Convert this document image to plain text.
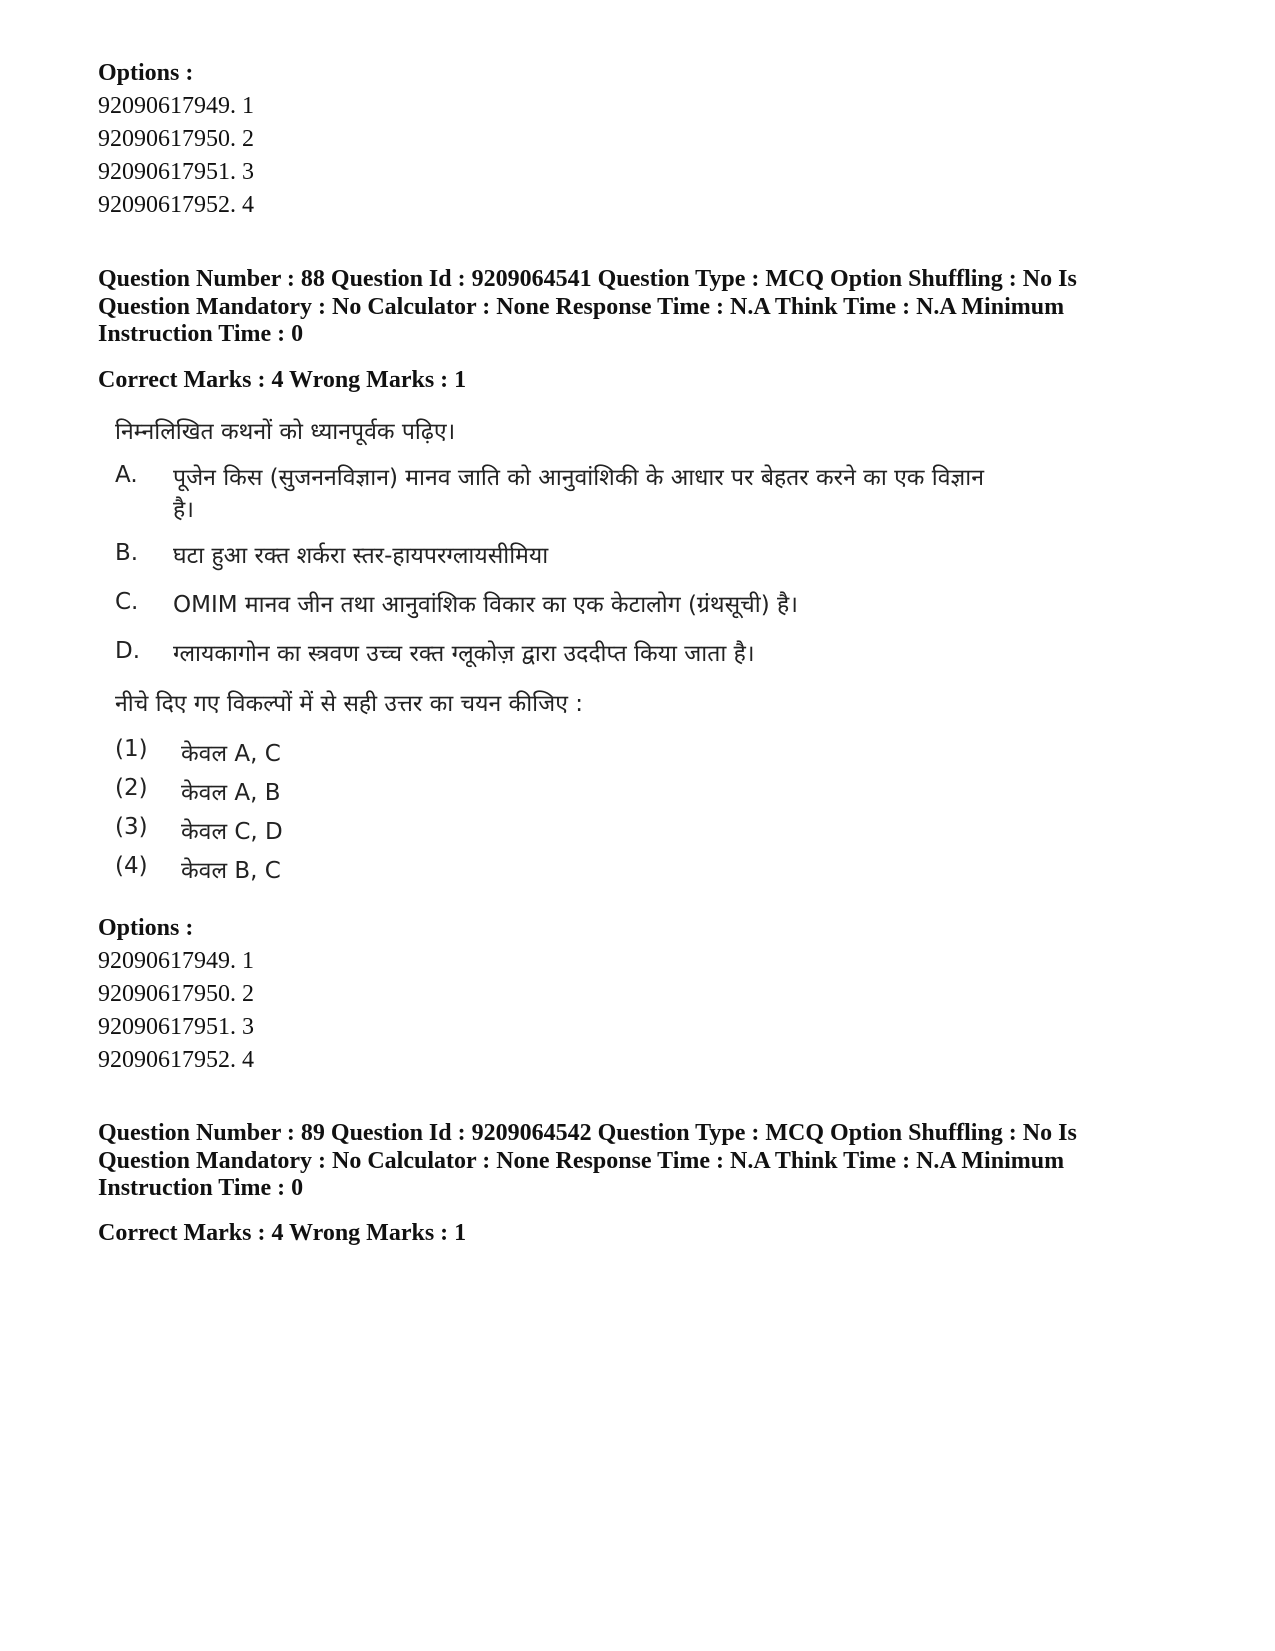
Options :
92090617949. 1
92090617950. 2
92090617951. 3
92090617952. 4
Question Number : 88 Question Id : 9209064541 Question Type : MCQ Option Shuffling : No Is
Question Mandatory : No Calculator : None Response Time : N.A Think Time : N.A Minimum
Instruction Time : 0
Correct Marks : 4 Wrong Marks : 1
निम्नलिखित कथनों को ध्यानपूर्वक पढ़िए।
A.	पूजेन किस (सुजननविज्ञान) मानव जाति को आनुवांशिकी के आधार पर बेहतर करने का एक विज्ञान है।
B.	घटा हुआ रक्त शर्करा स्तर-हायपरग्लायसीमिया
C.	OMIM मानव जीन तथा आनुवांशिक विकार का एक केटालोग (ग्रंथसूची) है।
D.	ग्लायकागोन का स्त्रवण उच्च रक्त ग्लूकोज़ द्वारा उददीप्त किया जाता है।
नीचे दिए गए विकल्पों में से सही उत्तर का चयन कीजिए :
(1) केवल A, C
(2) केवल A, B
(3) केवल C, D
(4) केवल B, C
Options :
92090617949. 1
92090617950. 2
92090617951. 3
92090617952. 4
Question Number : 89 Question Id : 9209064542 Question Type : MCQ Option Shuffling : No Is
Question Mandatory : No Calculator : None Response Time : N.A Think Time : N.A Minimum
Instruction Time : 0
Correct Marks : 4 Wrong Marks : 1
